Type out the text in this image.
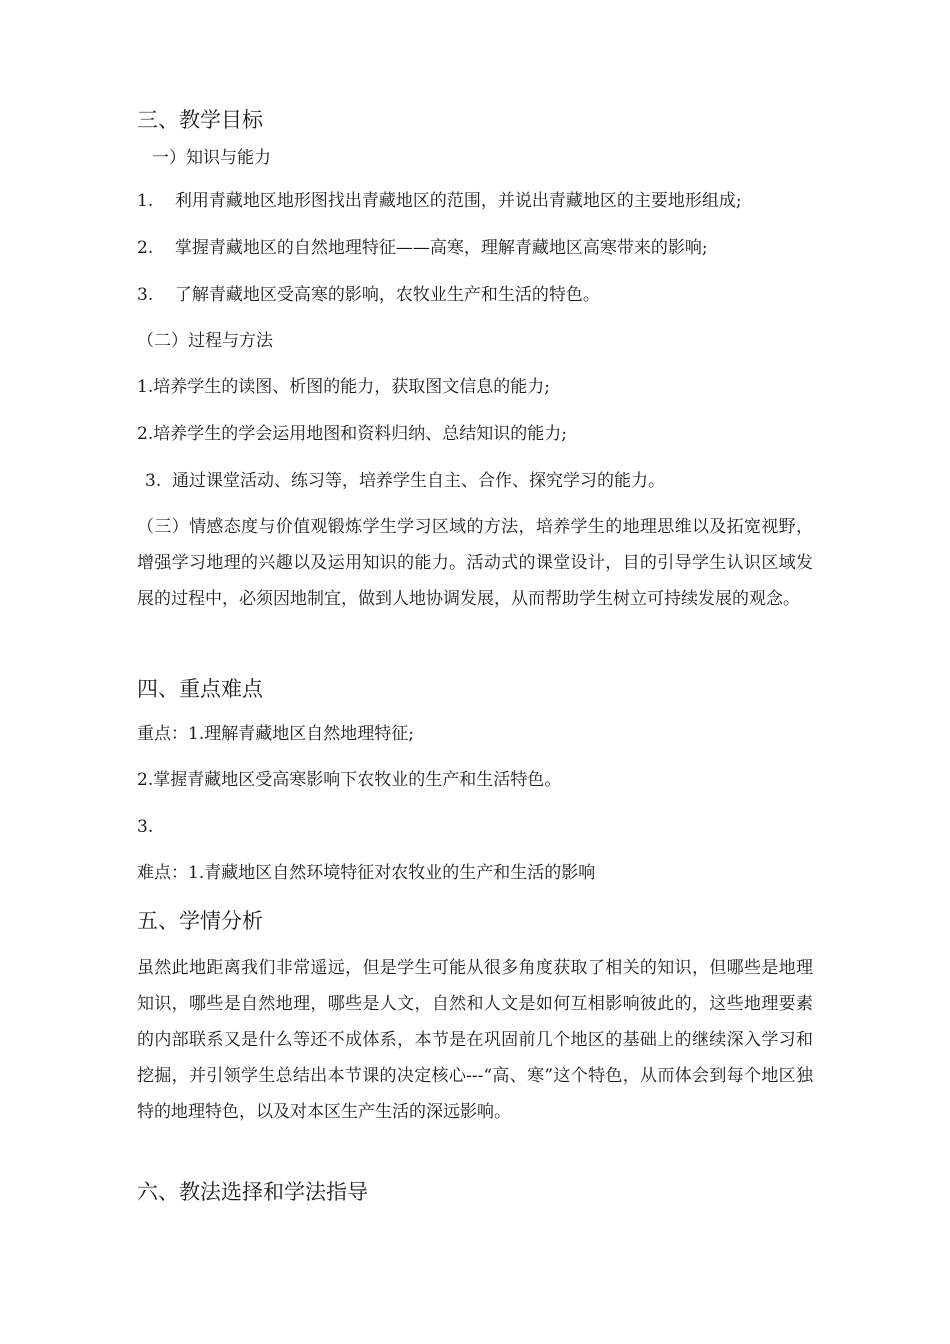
三、教学目标
一）知识与能力
1.    利用青藏地区地形图找出青藏地区的范围，并说出青藏地区的主要地形组成;
2.    掌握青藏地区的自然地理特征——高寒，理解青藏地区高寒带来的影响;
3.    了解青藏地区受高寒的影响，农牧业生产和生活的特色。
（二）过程与方法
1.培养学生的读图、析图的能力，获取图文信息的能力;
2.培养学生的学会运用地图和资料归纳、总结知识的能力;
3.  通过课堂活动、练习等，培养学生自主、合作、探究学习的能力。
（三）情感态度与价值观锻炼学生学习区域的方法，培养学生的地理思维以及拓宽视野，增强学习地理的兴趣以及运用知识的能力。活动式的课堂设计，目的引导学生认识区域发展的过程中，必须因地制宜，做到人地协调发展，从而帮助学生树立可持续发展的观念。
四、重点难点
重点：1.理解青藏地区自然地理特征;
2.掌握青藏地区受高寒影响下农牧业的生产和生活特色。
3.
难点：1.青藏地区自然环境特征对农牧业的生产和生活的影响
五、学情分析
虽然此地距离我们非常遥远，但是学生可能从很多角度获取了相关的知识，但哪些是地理知识，哪些是自然地理，哪些是人文，自然和人文是如何互相影响彼此的，这些地理要素的内部联系又是什么等还不成体系，本节是在巩固前几个地区的基础上的继续深入学习和挖掘，并引领学生总结出本节课的决定核心---“高、寒”这个特色，从而体会到每个地区独特的地理特色，以及对本区生产生活的深远影响。
六、教法选择和学法指导
